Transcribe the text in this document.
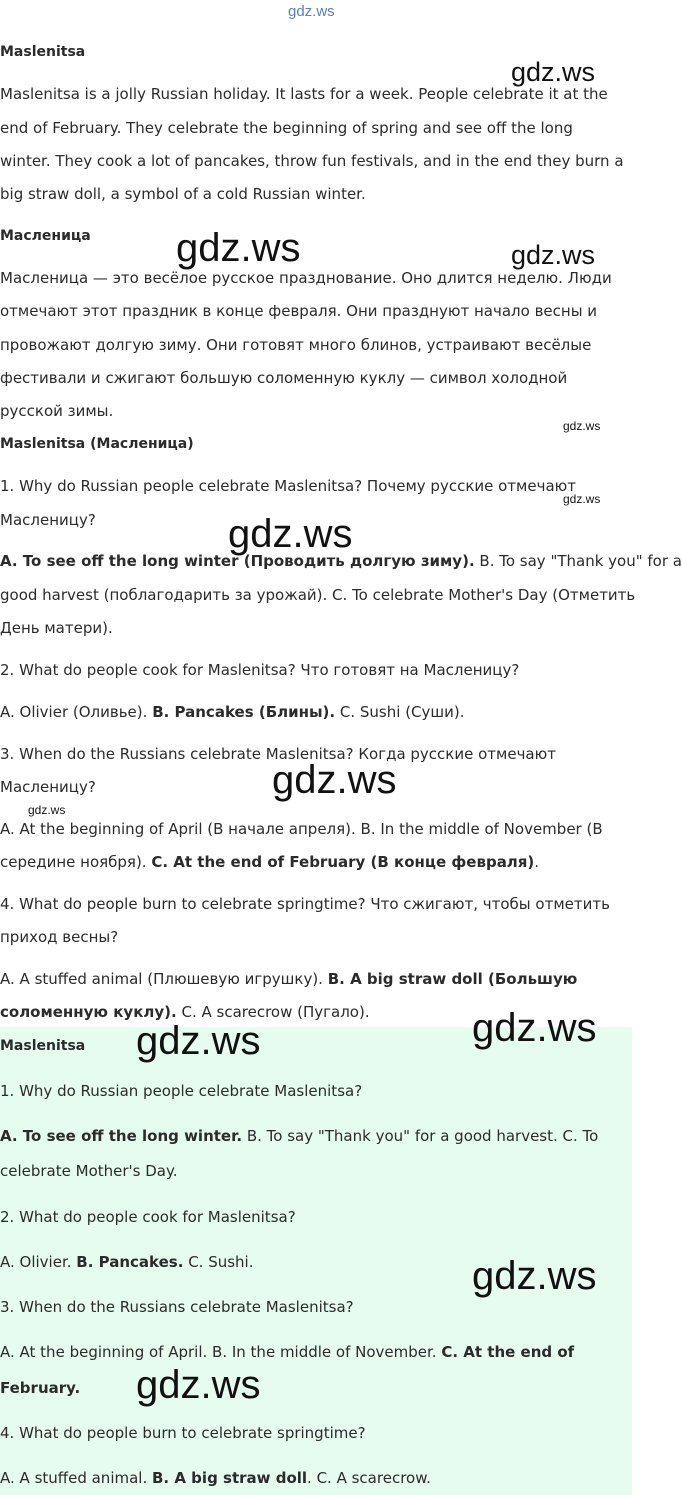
gdz.ws
gdz.ws
gdz.ws	gdz.ws
gdz.ws
gdz.ws
gdz.ws
gdz.ws
gdz.ws
gdz.ws
gdz.ws
gdz.ws
gdz.ws
Maslenitsa
Maslenitsa is a jolly Russian holiday. It lasts for a week. People celebrate it at the
end of February. They celebrate the beginning of spring and see off the long
winter. They cook a lot of pancakes, throw fun festivals, and in the end they burn a
big straw doll, a symbol of a cold Russian winter.
Масленица
Масленица — это весёлое русское празднование. Оно длится неделю. Люди
отмечают этот праздник в конце февраля. Они празднуют начало весны и
провожают долгую зиму. Они готовят много блинов, устраивают весёлые
фестивали и сжигают большую соломенную куклу — символ холодной
русской зимы.
Maslenitsa (Масленица)
1. Why do Russian people celebrate Maslenitsa? Почему русские отмечают
Масленицу?
A. To see off the long winter (Проводить долгую зиму). B. To say "Thank you" for a
good harvest (поблагодарить за урожай). C. To celebrate Mother's Day (Отметить
День матери).
2. What do people cook for Maslenitsa? Что готовят на Масленицу?
A. Olivier (Оливье). B. Pancakes (Блины). C. Sushi (Суши).
3. When do the Russians celebrate Maslenitsa? Когда русские отмечают
Масленицу?
A. At the beginning of April (В начале апреля). B. In the middle of November (В
середине ноября). C. At the end of February (В конце февраля).
4. What do people burn to celebrate springtime? Что сжигают, чтобы отметить
приход весны?
A. A stuffed animal (Плюшевую игрушку). B. A big straw doll (Большую
соломенную куклу). C. A scarecrow (Пугало).
Maslenitsa
1. Why do Russian people celebrate Maslenitsa?
A. To see off the long winter. B. To say "Thank you" for a good harvest. C. To
celebrate Mother's Day.
2. What do people cook for Maslenitsa?
A. Olivier. B. Pancakes. C. Sushi.
3. When do the Russians celebrate Maslenitsa?
A. At the beginning of April. B. In the middle of November. C. At the end of
February.
4. What do people burn to celebrate springtime?
A. A stuffed animal. B. A big straw doll. C. A scarecrow.
